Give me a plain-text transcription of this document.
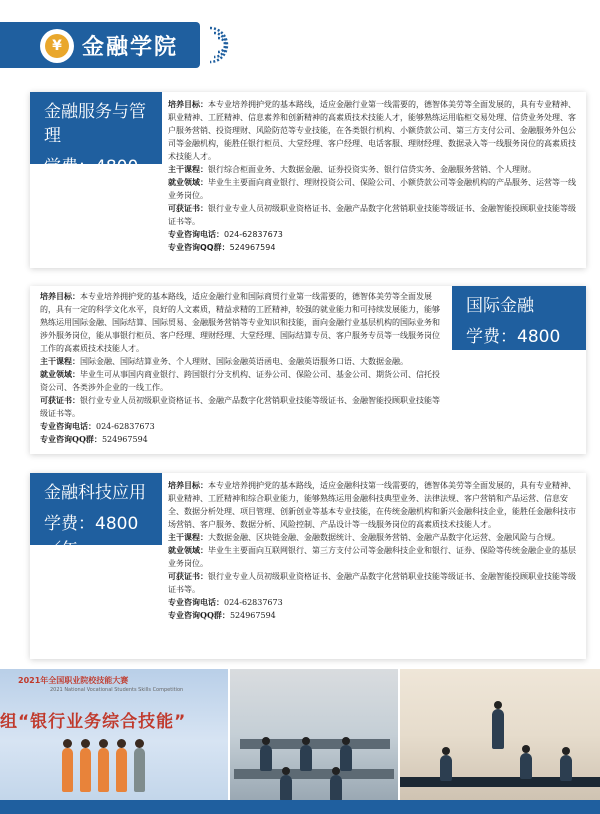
¥ 金融学院
金融服务与管理
学费：4800／年

培养目标：本专业培养拥护党的基本路线，适应金融行业第一线需要的，德智体美劳等全面发展的，具有专业精神、职业精神、工匠精神、信息素养和创新精神的高素质技术技能人才，能够熟练运用临柜交易处理、信贷业务处理、客户服务营销、投资理财、风险防范等专业技能，在各类银行机构、小额贷款公司、第三方支付公司、金融服务外包公司等金融机构，能胜任银行柜员、大堂经理、客户经理、电话客服、理财经理、数据录入等一线服务岗位的高素质技术技能人才。

主干课程：银行综合柜面业务、大数据金融、证券投资实务、银行信贷实务、金融服务营销、个人理财。

就业领域：毕业生主要面向商业银行、理财投资公司、保险公司、小额贷款公司等金融机构的产品服务、运营等一线业务岗位。

可获证书：银行业专业人员初级职业资格证书、金融产品数字化营销职业技能等级证书、金融智能投顾职业技能等级证书等。

专业咨询电话：024-62837673

专业咨询QQ群：524967594

国际金融
学费：4800／年

培养目标：本专业培养拥护党的基本路线，适应金融行业和国际商贸行业第一线需要的，德智体美劳等全面发展的，具有一定的科学文化水平，良好的人文素质，精益求精的工匠精神，较强的就业能力和可持续发展能力，能够熟练运用国际金融、国际结算、国际贸易、金融服务营销等专业知识和技能，面向金融行业基层机构的国际业务和涉外服务岗位，能从事银行柜员、客户经理、理财经理、大堂经理、国际结算专员、客户服务专员等一线服务岗位工作的高素质技术技能人才。

主干课程：国际金融、国际结算业务、个人理财、国际金融英语函电、金融英语服务口语、大数据金融。

就业领域：毕业生可从事国内商业银行、跨国银行分支机构、证券公司、保险公司、基金公司、期货公司、信托投资公司、各类涉外企业的一线工作。

可获证书：银行业专业人员初级职业资格证书、金融产品数字化营销职业技能等级证书、金融智能投顾职业技能等级证书等。

专业咨询电话：024-62837673

专业咨询QQ群：524967594

金融科技应用
学费：4800／年

培养目标：本专业培养拥护党的基本路线，适应金融科技第一线需要的，德智体美劳等全面发展的，具有专业精神、职业精神、工匠精神和综合职业能力，能够熟练运用金融科技典型业务、法律法规、客户营销和产品运营、信息安全、数据分析处理、项目管理、创新创业等基本专业技能，在传统金融机构和新兴金融科技企业，能胜任金融科技市场营销、客户服务、数据分析、风险控制、产品设计等一线服务岗位的高素质技术技能人才。

主干课程：大数据金融、区块链金融、金融数据统计、金融服务营销、金融产品数字化运营、金融风险与合规。

就业领域：毕业生主要面向互联网银行、第三方支付公司等金融科技企业和银行、证券、保险等传统金融企业的基层业务岗位。

可获证书：银行业专业人员初级职业资格证书、金融产品数字化营销职业技能等级证书、金融智能投顾职业技能等级证书等。

专业咨询电话：024-62837673

专业咨询QQ群：524967594

2021年全国职业院校技能大赛
2021 National Vocational Students Skills Competition
组“银行业务综合技能”
